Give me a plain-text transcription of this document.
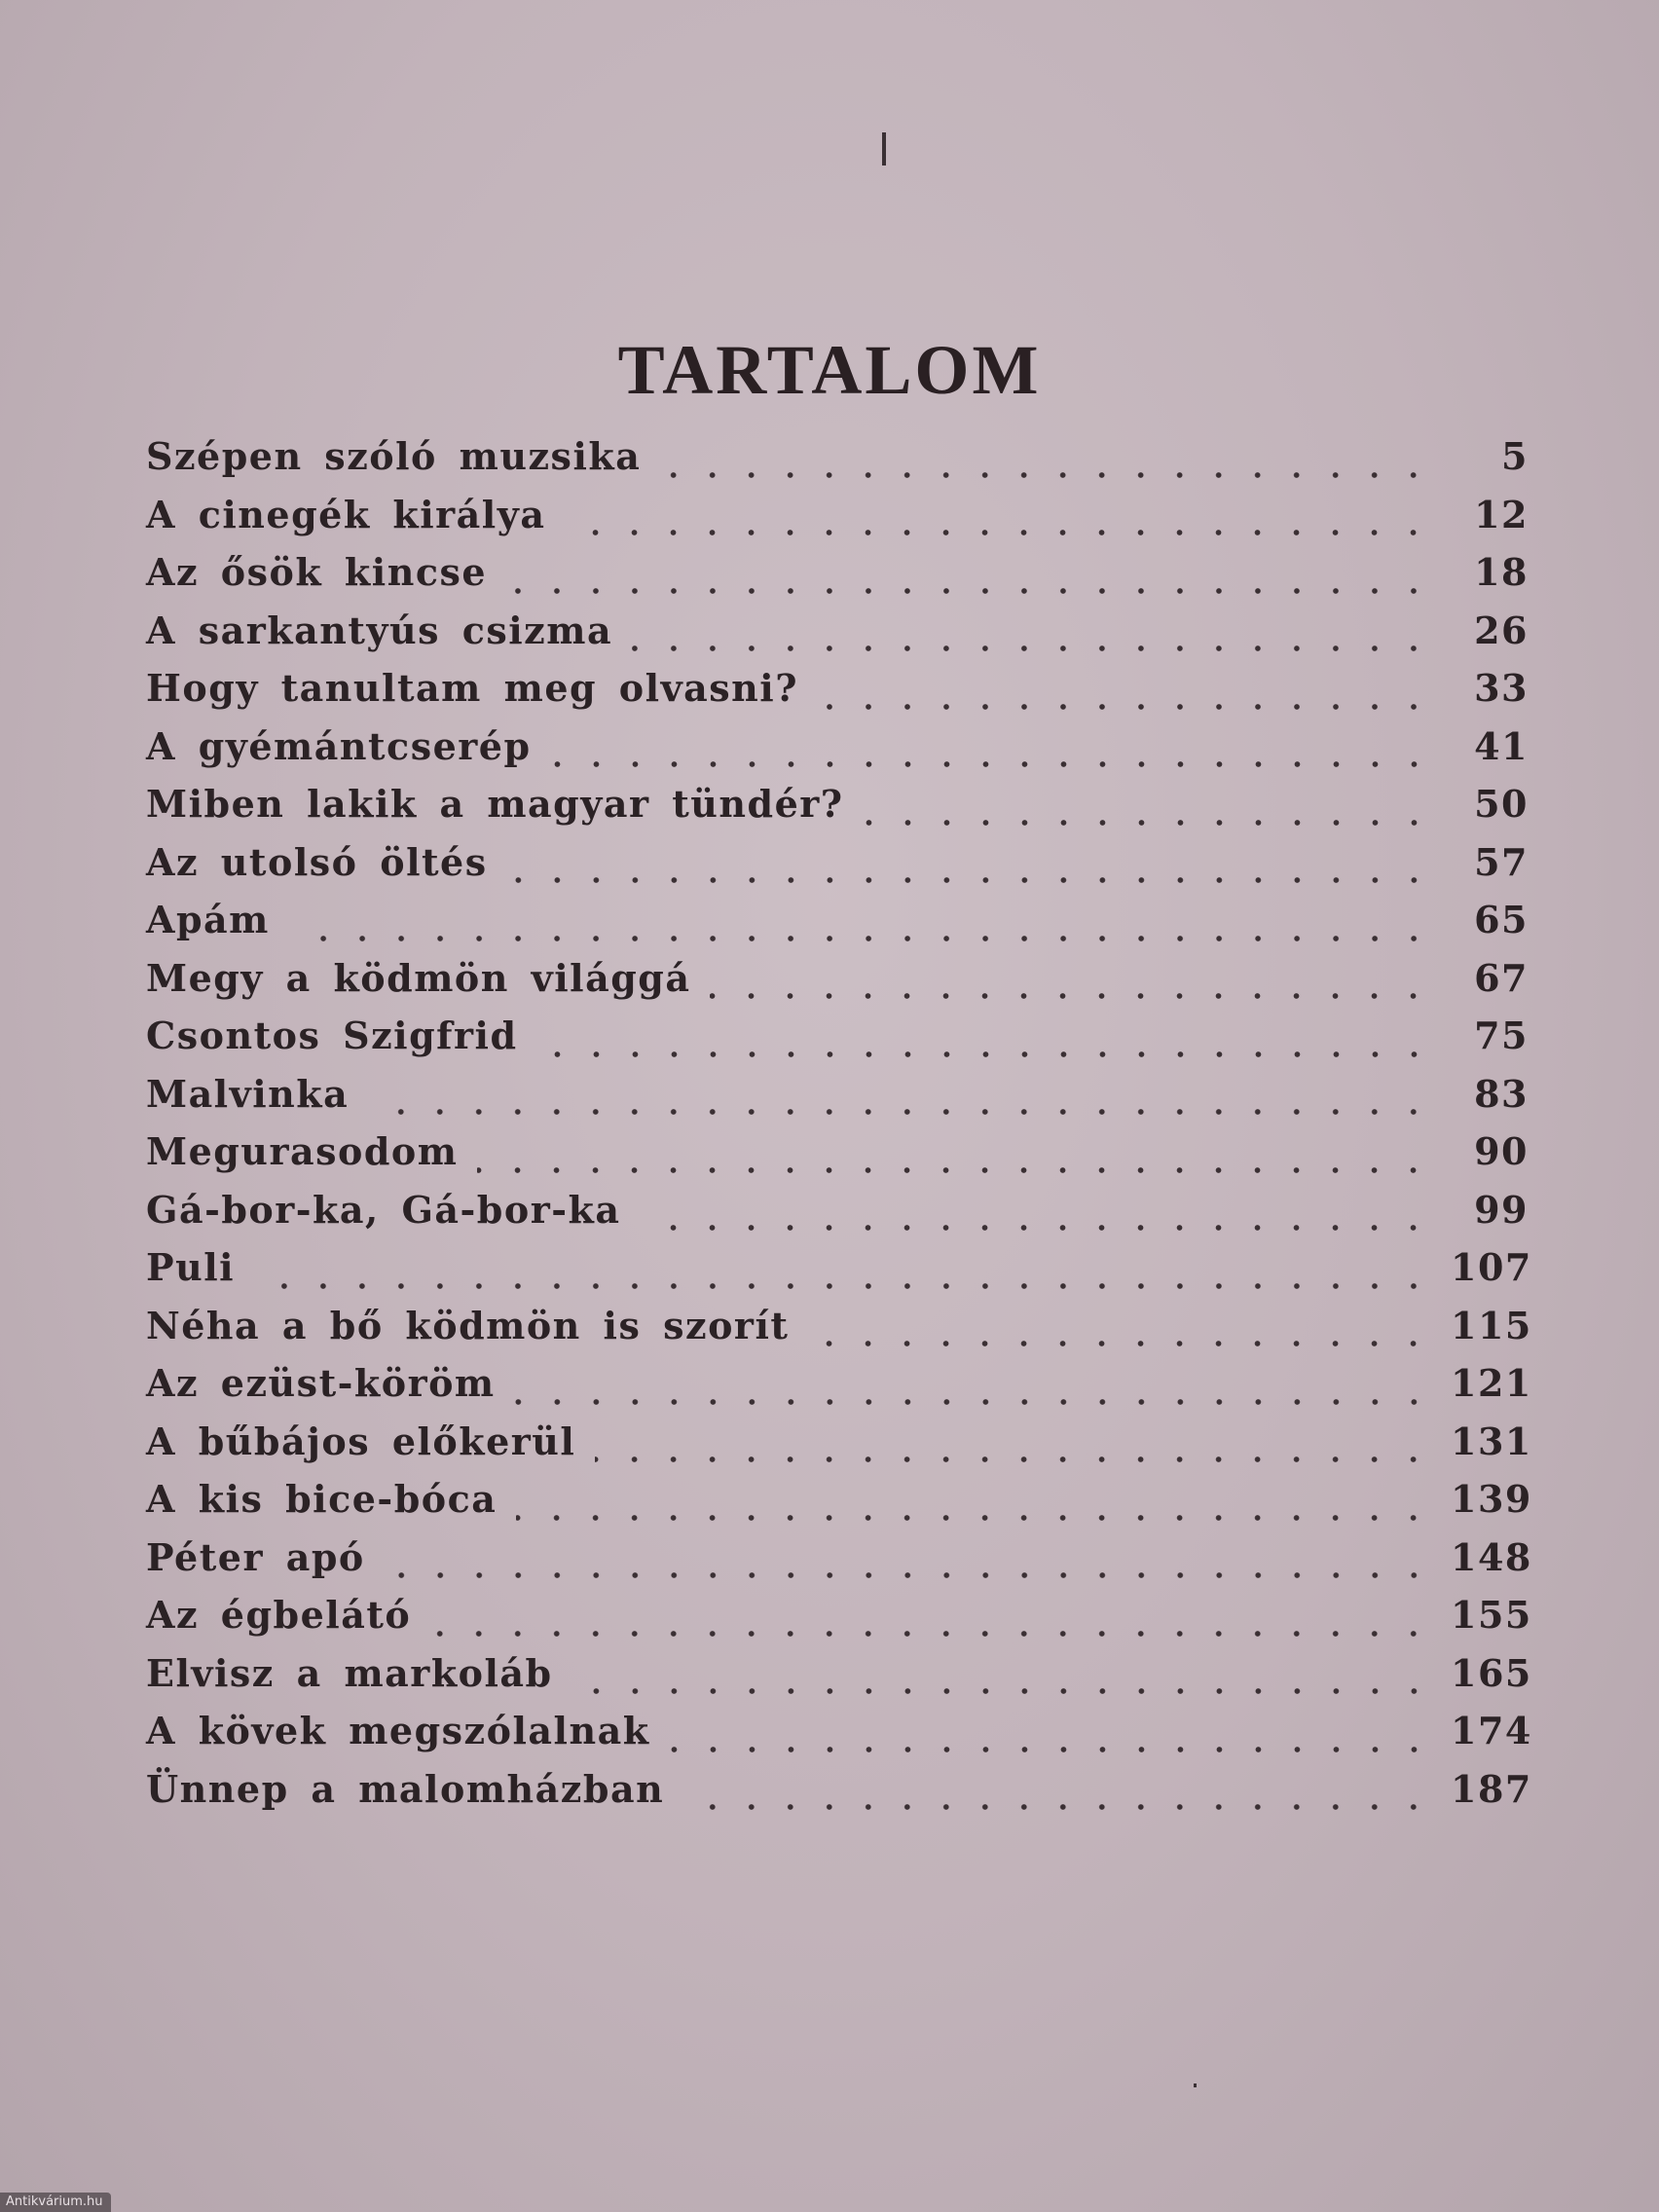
TARTALOM
Szépen szóló muzsika	5
A cinegék királya	12
Az ősök kincse	18
A sarkantyús csizma	26
Hogy tanultam meg olvasni?	33
A gyémántcserép	41
Miben lakik a magyar tündér?	50
Az utolsó öltés	57
Apám	65
Megy a ködmön világgá	67
Csontos Szigfrid	75
Malvinka	83
Megurasodom	90
Gá-bor-ka, Gá-bor-ka	99
Puli	107
Néha a bő ködmön is szorít	115
Az ezüst-köröm	121
A bűbájos előkerül	131
A kis bice-bóca	139
Péter apó	148
Az égbelátó	155
Elvisz a markoláb	165
A kövek megszólalnak	174
Ünnep a malomházban	187
Antikvárium.hu
